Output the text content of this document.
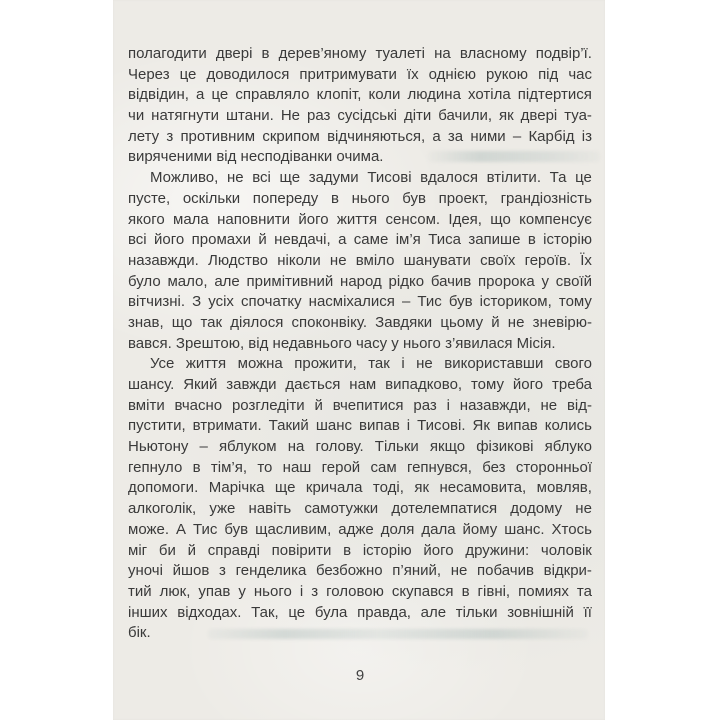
полагодити двері в дерев’яному туалеті на власному подвір’ї.
Через це доводилося притримувати їх однією рукою під час
відвідин, а це справляло клопіт, коли людина хотіла підтертися
чи натягнути штани. Не раз сусідські діти бачили, як двері туа-
лету з противним скрипом відчиняються, а за ними – Карбід із
виряченими від несподіванки очима.
Можливо, не всі ще задуми Тисові вдалося втілити. Та це
пусте, оскільки попереду в нього був проект, грандіозність
якого мала наповнити його життя сенсом. Ідея, що компенсує
всі його промахи й невдачі, а саме ім’я Тиса запише в історію
назавжди. Людство ніколи не вміло шанувати своїх героїв. Їх
було мало, але примітивний народ рідко бачив пророка у своїй
вітчизні. З усіх спочатку насміхалися – Тис був істориком, тому
знав, що так діялося споконвіку. Завдяки цьому й не зневірю-
вався. Зрештою, від недавнього часу у нього з’явилася Місія.
Усе життя можна прожити, так і не використавши свого
шансу. Який завжди дається нам випадково, тому його треба
вміти вчасно розгледіти й вчепитися раз і назавжди, не від-
пустити, втримати. Такий шанс випав і Тисові. Як випав колись
Ньютону – яблуком на голову. Тільки якщо фізикові яблуко
гепнуло в тім’я, то наш герой сам гепнувся, без сторонньої
допомоги. Марічка ще кричала тоді, як несамовита, мовляв,
алкоголік, уже навіть самотужки дотелемпатися додому не
може. А Тис був щасливим, адже доля дала йому шанс. Хтось
міг би й справді повірити в історію його дружини: чоловік
уночі йшов з генделика безбожно п’яний, не побачив відкри-
тий люк, упав у нього і з головою скупався в гівні, помиях та
інших відходах. Так, це була правда, але тільки зовнішній її
бік.
9
